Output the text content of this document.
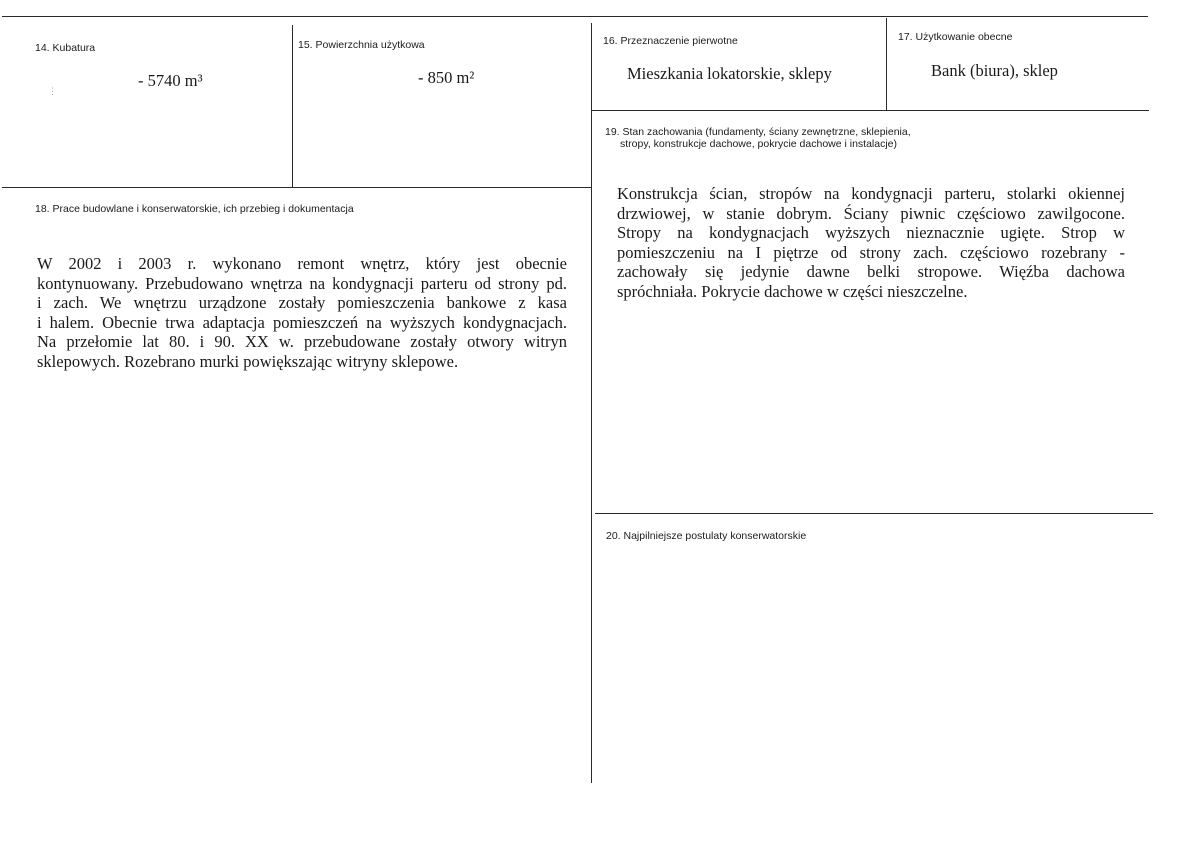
14. Kubatura
- 5740 m³
⋮
15. Powierzchnia użytkowa
- 850 m²
16. Przeznaczenie pierwotne
Mieszkania lokatorskie, sklepy
17. Użytkowanie obecne
Bank (biura), sklep
19. Stan zachowania (fundamenty, ściany zewnętrzne, sklepienia,
stropy, konstrukcje dachowe, pokrycie dachowe i instalacje)
Konstrukcja ścian, stropów na kondygnacji parteru, stolarki okiennej
drzwiowej, w stanie dobrym. Ściany piwnic częściowo zawilgocone.
Stropy na kondygnacjach wyższych nieznacznie ugięte. Strop w
pomieszczeniu na I piętrze od strony zach. częściowo rozebrany -
zachowały się jedynie dawne belki stropowe. Więźba dachowa
spróchniała. Pokrycie dachowe w części nieszczelne.
18. Prace budowlane i konserwatorskie, ich przebieg i dokumentacja
W 2002 i 2003 r. wykonano remont wnętrz, który jest obecnie
kontynuowany. Przebudowano wnętrza na kondygnacji parteru od strony pd.
i zach. We wnętrzu urządzone zostały pomieszczenia bankowe z kasa
i halem. Obecnie trwa adaptacja pomieszczeń na wyższych kondygnacjach.
Na przełomie lat 80. i 90. XX w. przebudowane zostały otwory witryn
sklepowych. Rozebrano murki powiększając witryny sklepowe.
20. Najpilniejsze postulaty konserwatorskie
